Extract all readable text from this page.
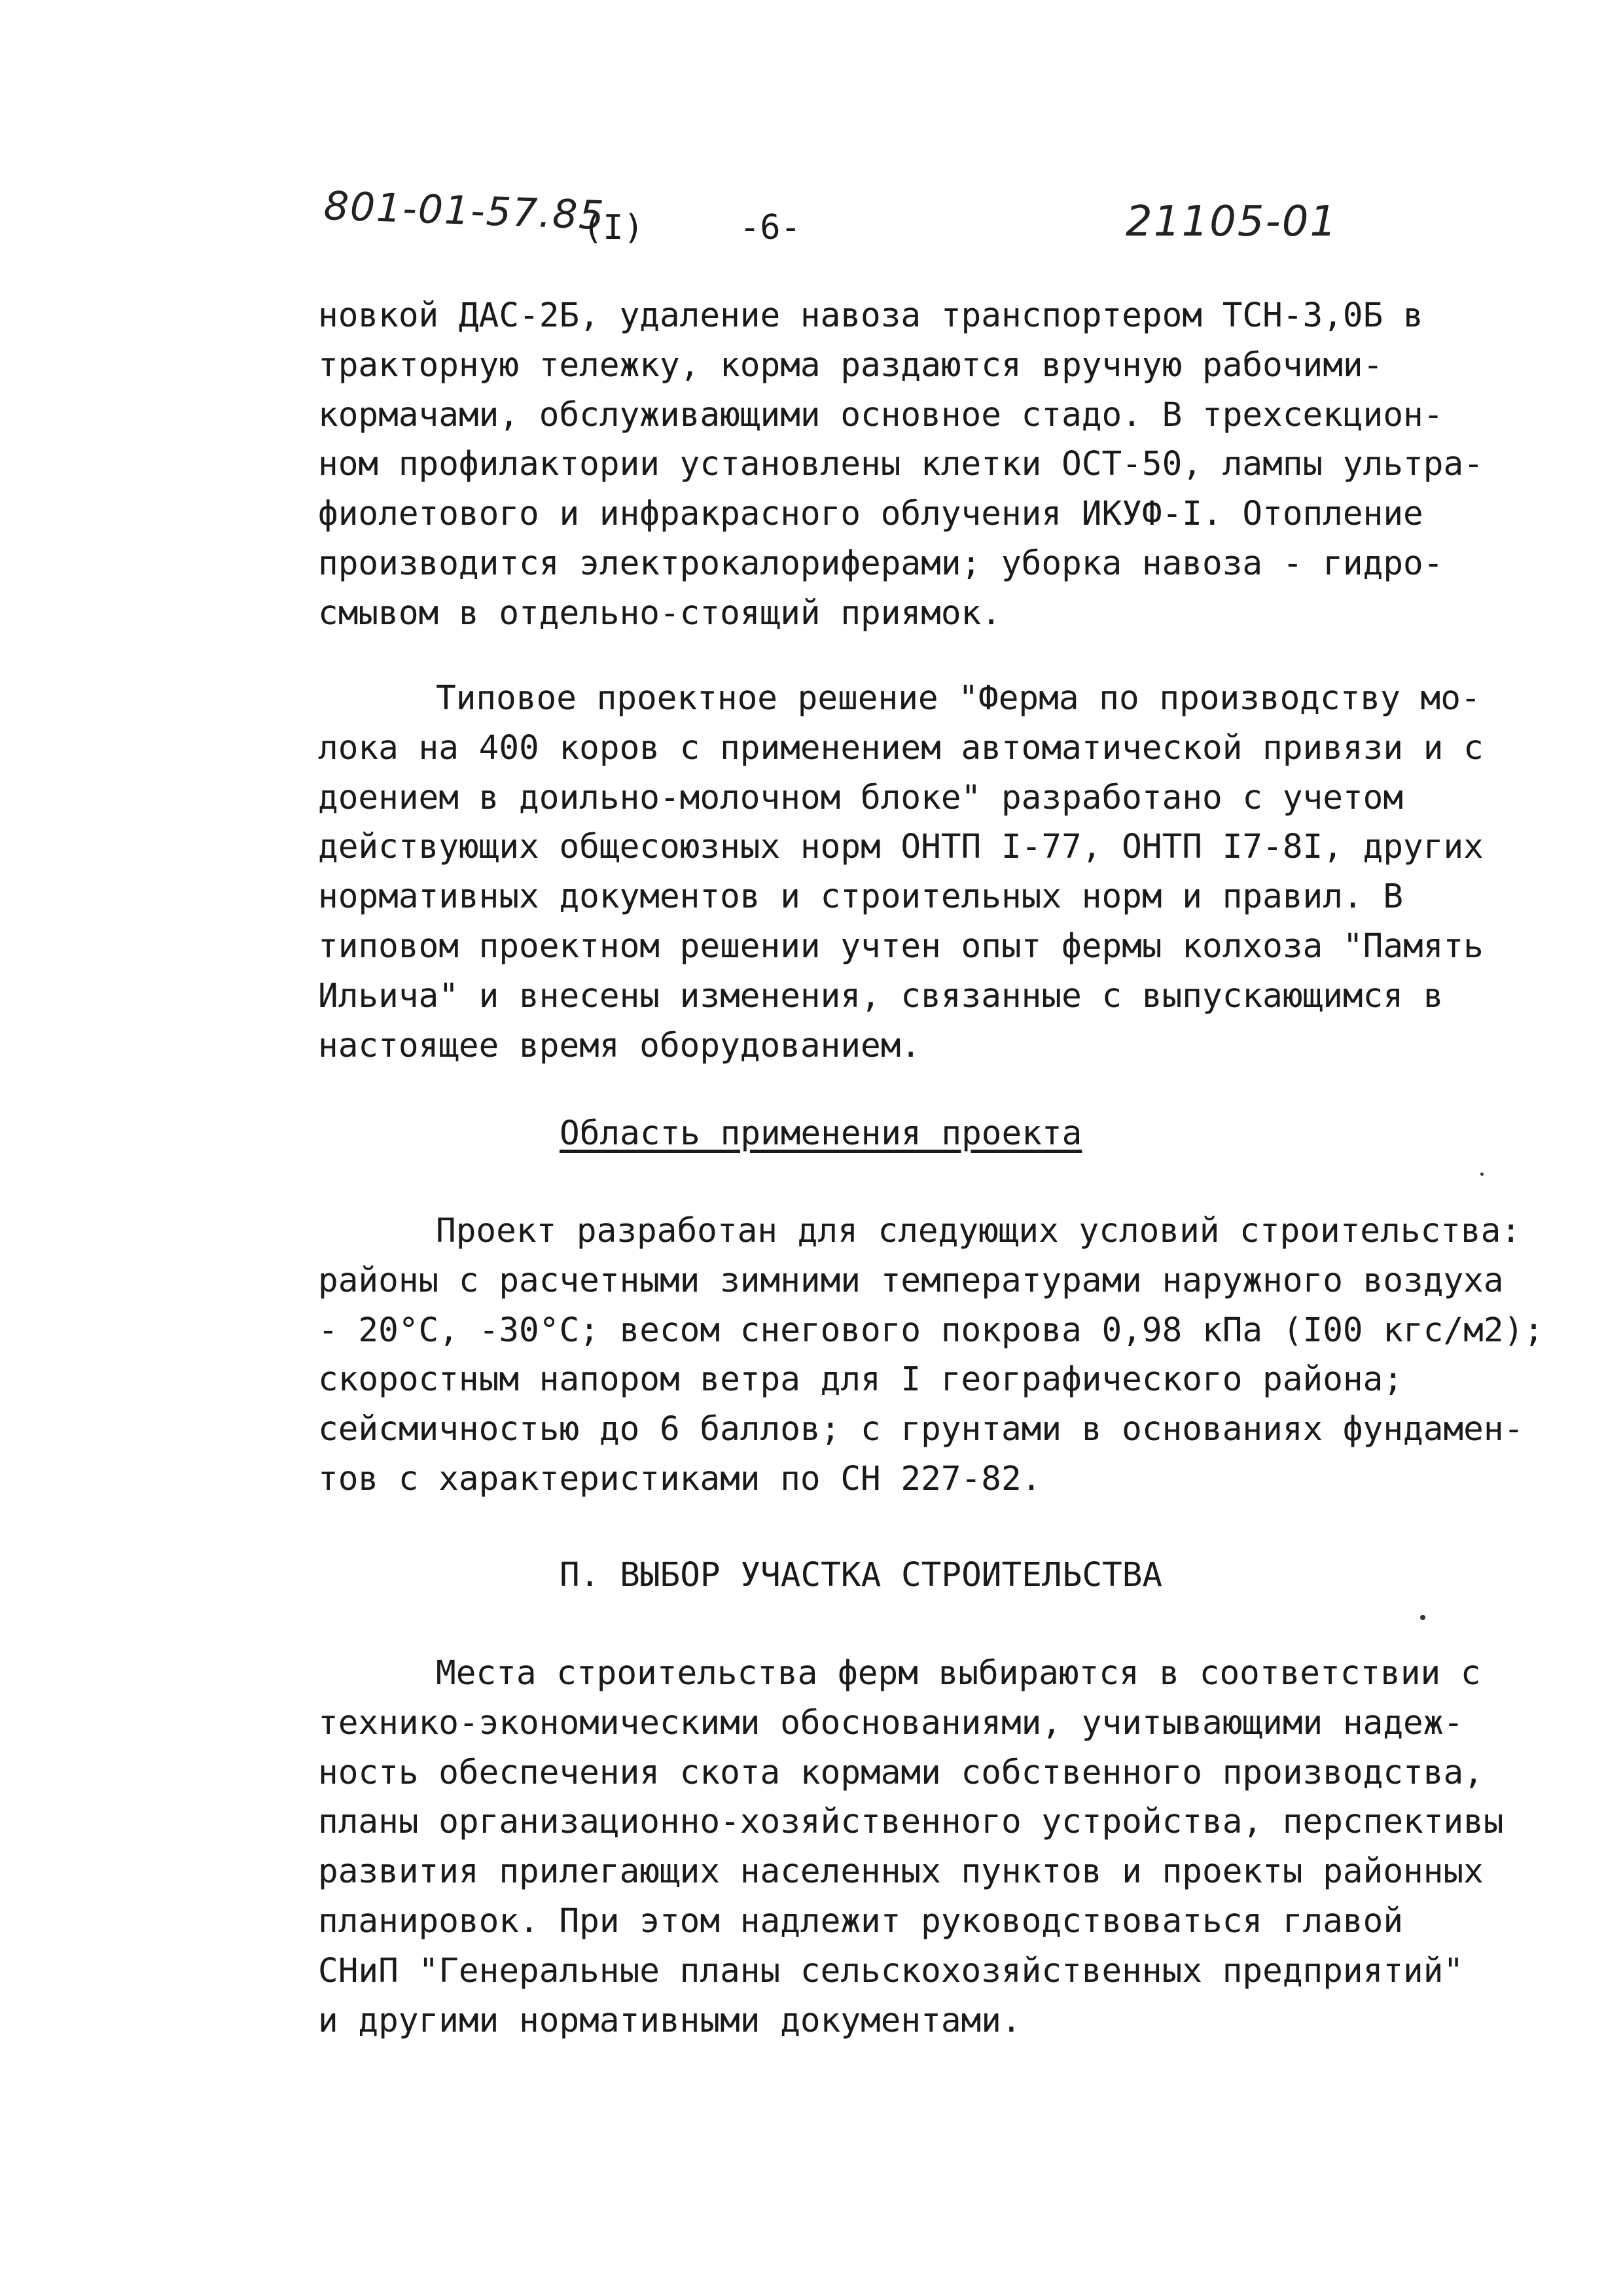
801-01-57.85
(I)	-6-	21105-01
новкой ДАС-2Б, удаление навоза транспортером ТСН-3,0Б в
тракторную тележку, корма раздаются вручную рабочими-
кормачами, обслуживающими основное стадо. В трехсекцион-
ном профилактории установлены клетки ОСТ-50, лампы ультра-
фиолетового и инфракрасного облучения ИКУФ-I. Отопление
производится электрокалориферами; уборка навоза - гидро-
смывом в отдельно-стоящий приямок.
Типовое проектное решение "Ферма по производству мо-
лока на 400 коров с применением автоматической привязи и с
доением в доильно-молочном блоке" разработано с учетом
действующих общесоюзных норм ОНТП I-77, ОНТП I7-8I, других
нормативных документов и строительных норм и правил. В
типовом проектном решении учтен опыт фермы колхоза "Память
Ильича" и внесены изменения, связанные с выпускающимся в
настоящее время оборудованием.
Область применения проекта
Проект разработан для следующих условий строительства:
районы с расчетными зимними температурами наружного воздуха
- 20°С, -30°С; весом снегового покрова 0,98 кПа (I00 кгс/м2);
скоростным напором ветра для I географического района;
сейсмичностью до 6 баллов; с грунтами в основаниях фундамен-
тов с характеристиками по СН 227-82.
П. ВЫБОР УЧАСТКА СТРОИТЕЛЬСТВА
Места строительства ферм выбираются в соответствии с
технико-экономическими обоснованиями, учитывающими надеж-
ность обеспечения скота кормами собственного производства,
планы организационно-хозяйственного устройства, перспективы
развития прилегающих населенных пунктов и проекты районных
планировок. При этом надлежит руководствоваться главой
СНиП "Генеральные планы сельскохозяйственных предприятий"
и другими нормативными документами.
